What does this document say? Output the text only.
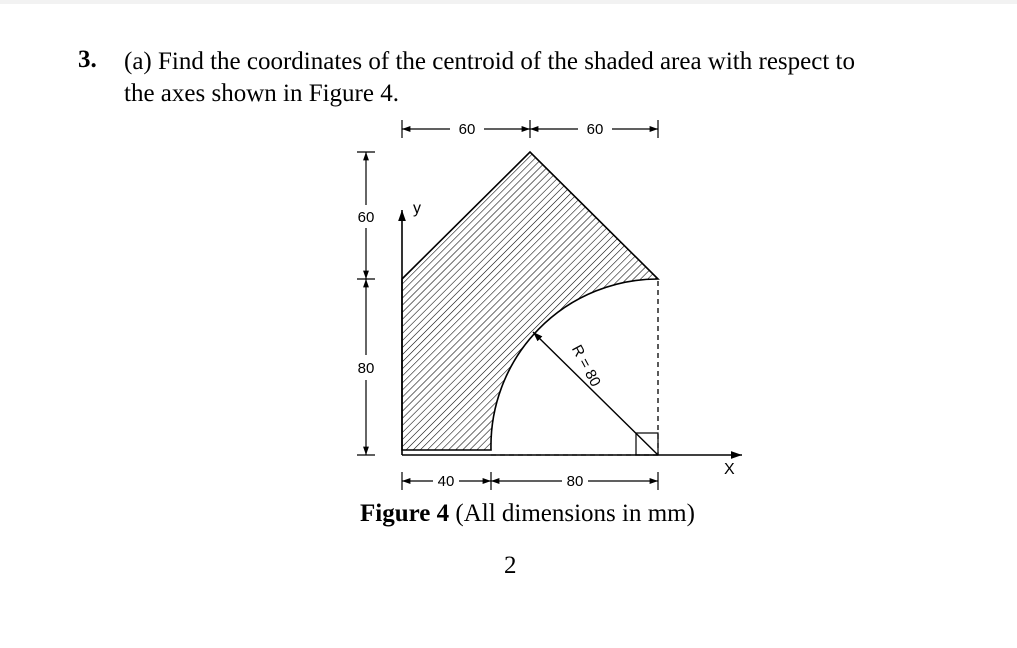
3. (a) Find the coordinates of the centroid of the shaded area with respect to
the axes shown in Figure 4.
R = 80
y
X
60	60
60
80
40	80
Figure 4 (All dimensions in mm)
2
